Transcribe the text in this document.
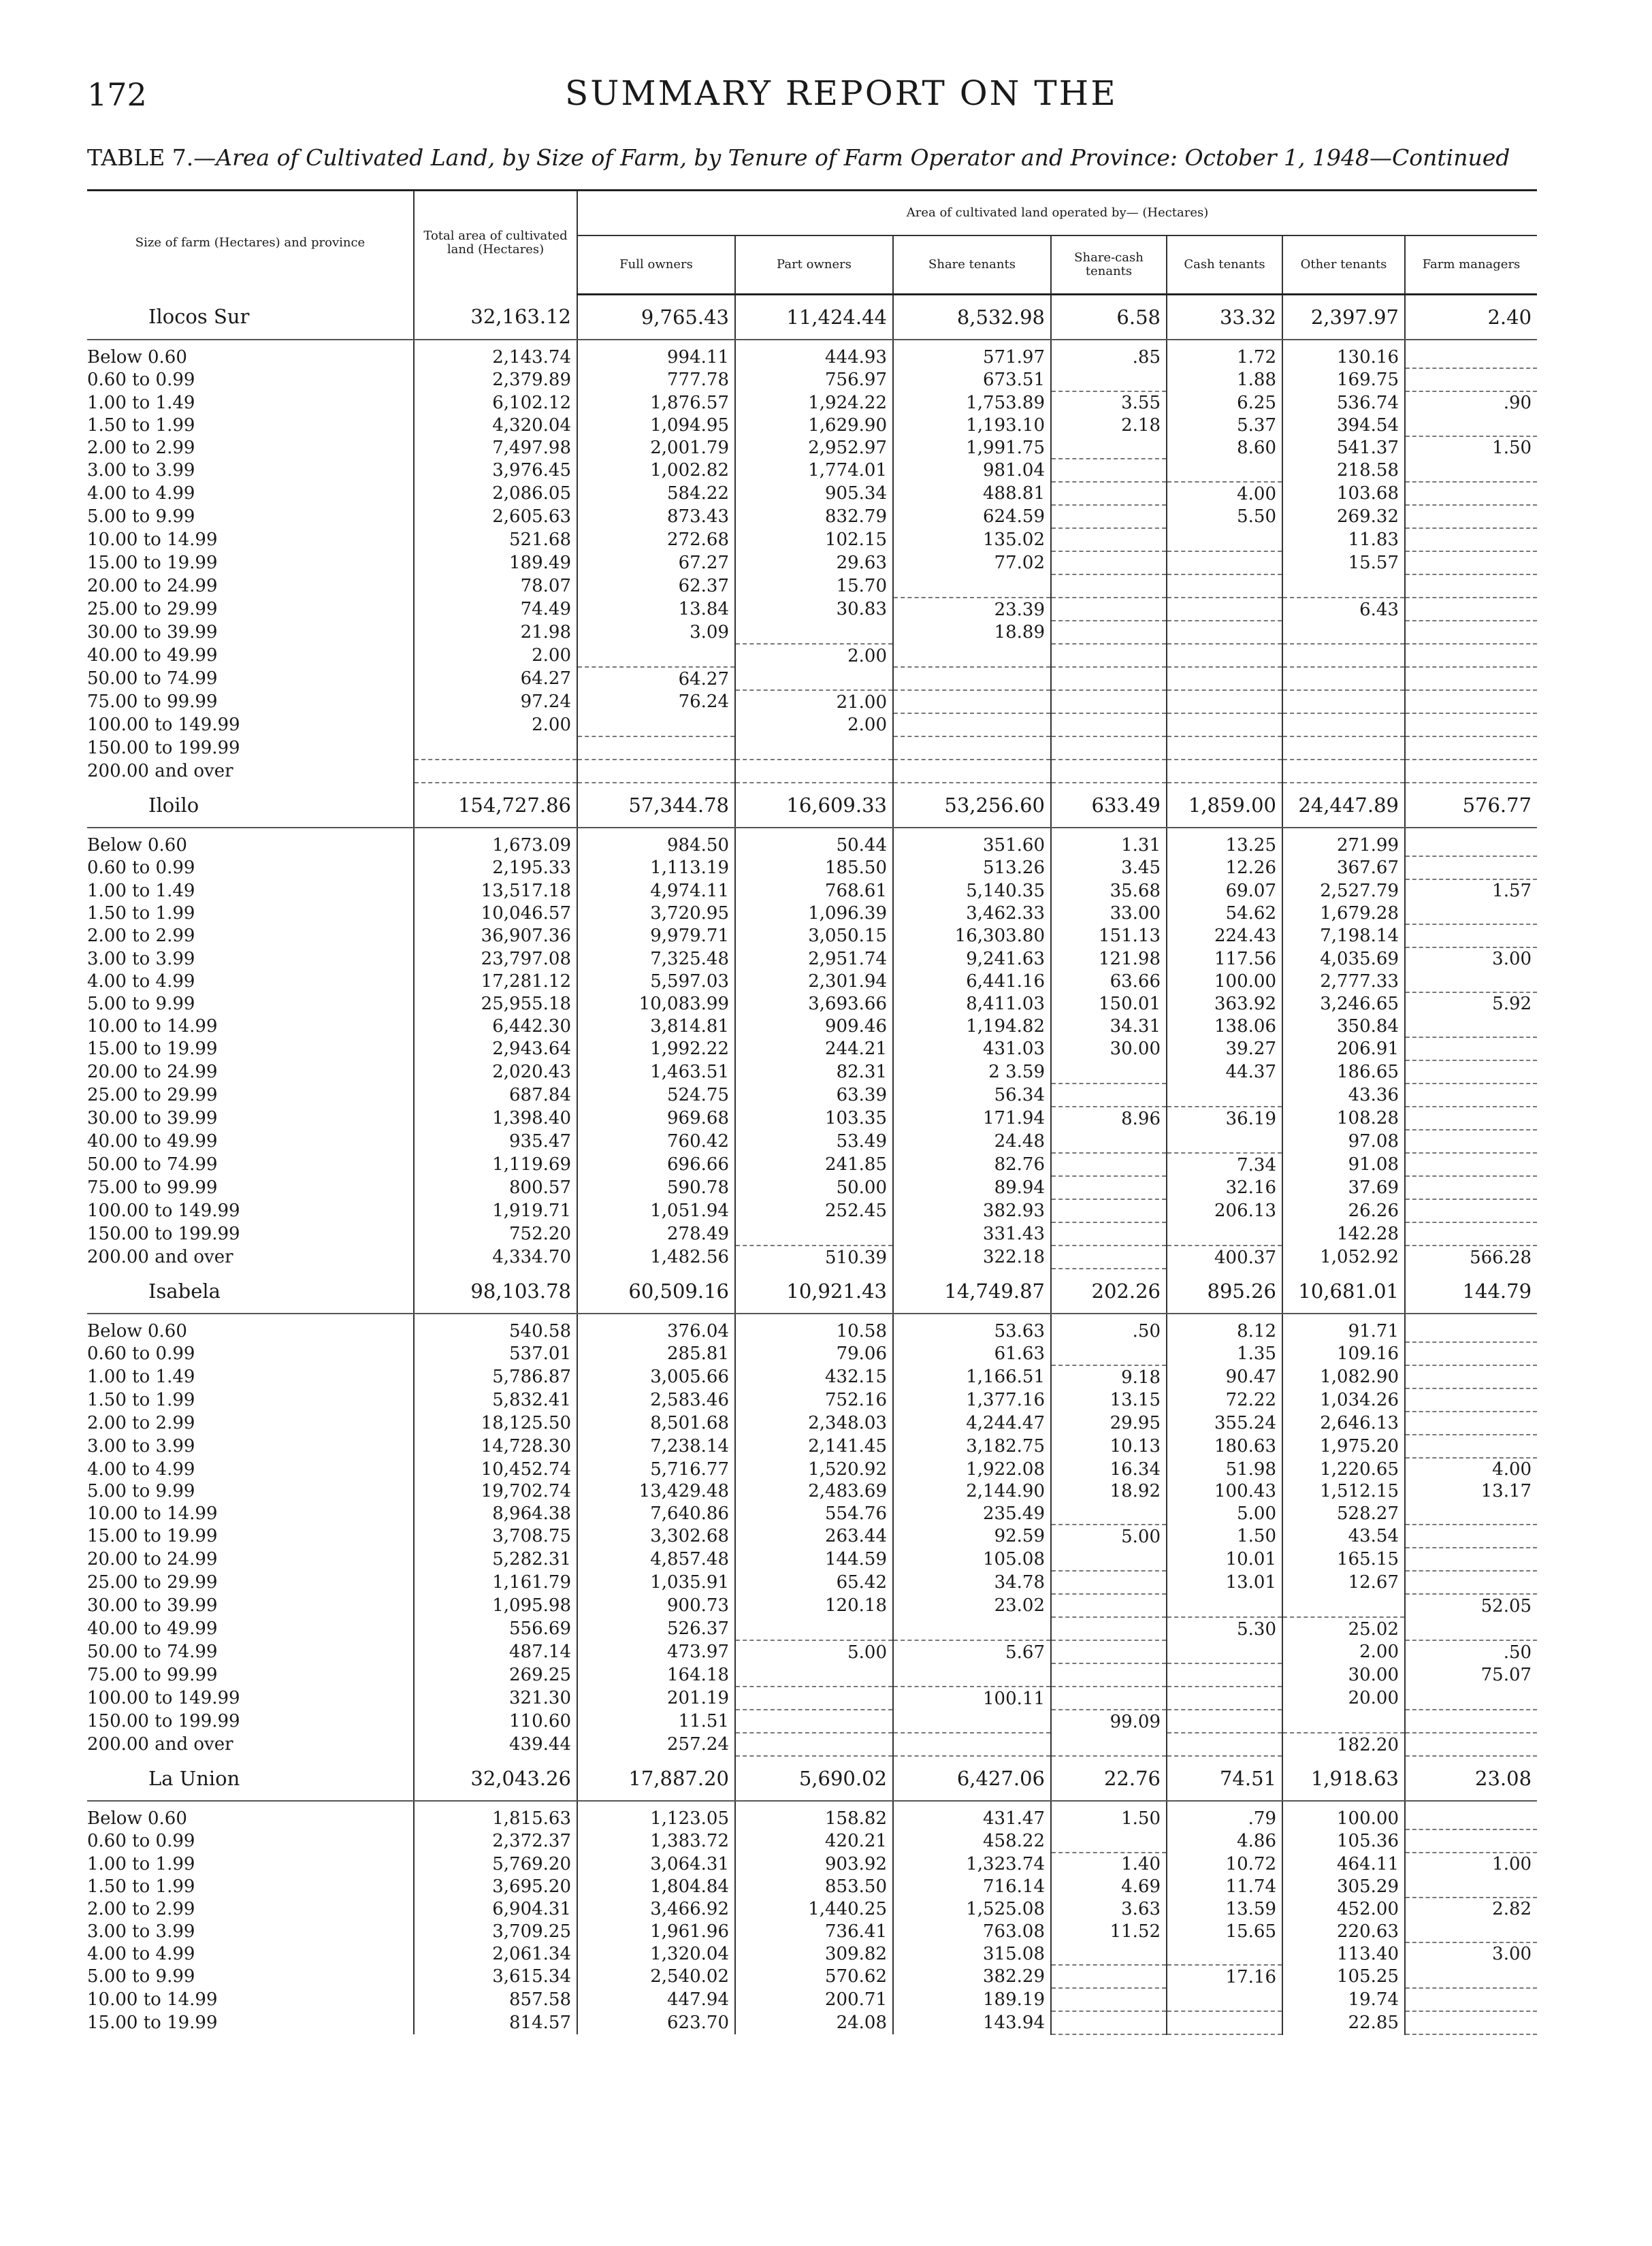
172	SUMMARY REPORT ON THE
TABLE 7.—Area of Cultivated Land, by Size of Farm, by Tenure of Farm Operator and Province: October 1, 1948—Continued
Size of farm (Hectares) and province	Total area of cultivated land (Hectares)	Area of cultivated land operated by— (Hectares)						
		Full owners	Part owners	Share tenants	Share-cash tenants	Cash tenants	Other tenants	Farm managers
Ilocos Sur	32,163.12	9,765.43	11,424.44	8,532.98	6.58	33.32	2,397.97	2.40

Below 0.60	2,143.74	994.11	444.93	571.97	.85	1.72	130.16	
0.60 to 0.99	2,379.89	777.78	756.97	673.51		1.88	169.75	
1.00 to 1.49	6,102.12	1,876.57	1,924.22	1,753.89	3.55	6.25	536.74	.90
1.50 to 1.99	4,320.04	1,094.95	1,629.90	1,193.10	2.18	5.37	394.54	
2.00 to 2.99	7,497.98	2,001.79	2,952.97	1,991.75		8.60	541.37	1.50
3.00 to 3.99	3,976.45	1,002.82	1,774.01	981.04			218.58	
4.00 to 4.99	2,086.05	584.22	905.34	488.81		4.00	103.68	
5.00 to 9.99	2,605.63	873.43	832.79	624.59		5.50	269.32	
10.00 to 14.99	521.68	272.68	102.15	135.02			11.83	
15.00 to 19.99	189.49	67.27	29.63	77.02			15.57	
20.00 to 24.99	78.07	62.37	15.70					
25.00 to 29.99	74.49	13.84	30.83	23.39			6.43	
30.00 to 39.99	21.98	3.09		18.89				
40.00 to 49.99	2.00		2.00					
50.00 to 74.99	64.27	64.27						
75.00 to 99.99	97.24	76.24	21.00					
100.00 to 149.99	2.00		2.00					
150.00 to 199.99								
200.00 and over								
Iloilo	154,727.86	57,344.78	16,609.33	53,256.60	633.49	1,859.00	24,447.89	576.77

Below 0.60	1,673.09	984.50	50.44	351.60	1.31	13.25	271.99	
0.60 to 0.99	2,195.33	1,113.19	185.50	513.26	3.45	12.26	367.67	
1.00 to 1.49	13,517.18	4,974.11	768.61	5,140.35	35.68	69.07	2,527.79	1.57
1.50 to 1.99	10,046.57	3,720.95	1,096.39	3,462.33	33.00	54.62	1,679.28	
2.00 to 2.99	36,907.36	9,979.71	3,050.15	16,303.80	151.13	224.43	7,198.14	
3.00 to 3.99	23,797.08	7,325.48	2,951.74	9,241.63	121.98	117.56	4,035.69	3.00
4.00 to 4.99	17,281.12	5,597.03	2,301.94	6,441.16	63.66	100.00	2,777.33	
5.00 to 9.99	25,955.18	10,083.99	3,693.66	8,411.03	150.01	363.92	3,246.65	5.92
10.00 to 14.99	6,442.30	3,814.81	909.46	1,194.82	34.31	138.06	350.84	
15.00 to 19.99	2,943.64	1,992.22	244.21	431.03	30.00	39.27	206.91	
20.00 to 24.99	2,020.43	1,463.51	82.31	2 3.59		44.37	186.65	
25.00 to 29.99	687.84	524.75	63.39	56.34			43.36	
30.00 to 39.99	1,398.40	969.68	103.35	171.94	8.96	36.19	108.28	
40.00 to 49.99	935.47	760.42	53.49	24.48			97.08	
50.00 to 74.99	1,119.69	696.66	241.85	82.76		7.34	91.08	
75.00 to 99.99	800.57	590.78	50.00	89.94		32.16	37.69	
100.00 to 149.99	1,919.71	1,051.94	252.45	382.93		206.13	26.26	
150.00 to 199.99	752.20	278.49		331.43			142.28	
200.00 and over	4,334.70	1,482.56	510.39	322.18		400.37	1,052.92	566.28
Isabela	98,103.78	60,509.16	10,921.43	14,749.87	202.26	895.26	10,681.01	144.79

Below 0.60	540.58	376.04	10.58	53.63	.50	8.12	91.71	
0.60 to 0.99	537.01	285.81	79.06	61.63		1.35	109.16	
1.00 to 1.49	5,786.87	3,005.66	432.15	1,166.51	9.18	90.47	1,082.90	
1.50 to 1.99	5,832.41	2,583.46	752.16	1,377.16	13.15	72.22	1,034.26	
2.00 to 2.99	18,125.50	8,501.68	2,348.03	4,244.47	29.95	355.24	2,646.13	
3.00 to 3.99	14,728.30	7,238.14	2,141.45	3,182.75	10.13	180.63	1,975.20	
4.00 to 4.99	10,452.74	5,716.77	1,520.92	1,922.08	16.34	51.98	1,220.65	4.00
5.00 to 9.99	19,702.74	13,429.48	2,483.69	2,144.90	18.92	100.43	1,512.15	13.17
10.00 to 14.99	8,964.38	7,640.86	554.76	235.49		5.00	528.27	
15.00 to 19.99	3,708.75	3,302.68	263.44	92.59	5.00	1.50	43.54	
20.00 to 24.99	5,282.31	4,857.48	144.59	105.08		10.01	165.15	
25.00 to 29.99	1,161.79	1,035.91	65.42	34.78		13.01	12.67	
30.00 to 39.99	1,095.98	900.73	120.18	23.02				52.05
40.00 to 49.99	556.69	526.37				5.30	25.02	
50.00 to 74.99	487.14	473.97	5.00	5.67			2.00	.50
75.00 to 99.99	269.25	164.18					30.00	75.07
100.00 to 149.99	321.30	201.19		100.11			20.00	
150.00 to 199.99	110.60	11.51			99.09			
200.00 and over	439.44	257.24					182.20	
La Union	32,043.26	17,887.20	5,690.02	6,427.06	22.76	74.51	1,918.63	23.08

Below 0.60	1,815.63	1,123.05	158.82	431.47	1.50	.79	100.00	
0.60 to 0.99	2,372.37	1,383.72	420.21	458.22		4.86	105.36	
1.00 to 1.99	5,769.20	3,064.31	903.92	1,323.74	1.40	10.72	464.11	1.00
1.50 to 1.99	3,695.20	1,804.84	853.50	716.14	4.69	11.74	305.29	
2.00 to 2.99	6,904.31	3,466.92	1,440.25	1,525.08	3.63	13.59	452.00	2.82
3.00 to 3.99	3,709.25	1,961.96	736.41	763.08	11.52	15.65	220.63	
4.00 to 4.99	2,061.34	1,320.04	309.82	315.08			113.40	3.00
5.00 to 9.99	3,615.34	2,540.02	570.62	382.29		17.16	105.25	
10.00 to 14.99	857.58	447.94	200.71	189.19			19.74	
15.00 to 19.99	814.57	623.70	24.08	143.94			22.85	
